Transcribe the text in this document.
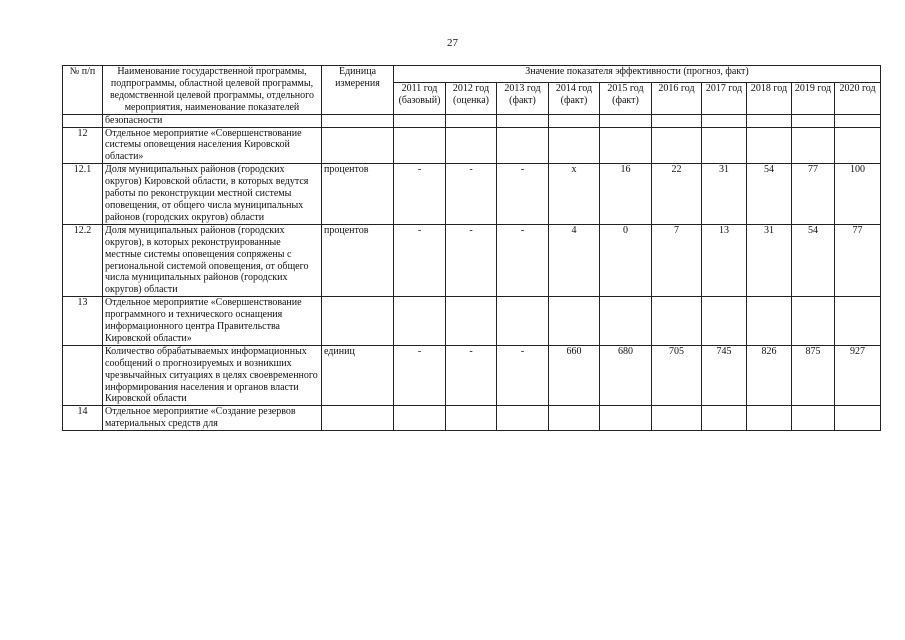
27
№ п/п	Наименование государственной программы, подпрограммы, областной целевой программы, ведомственной целевой программы, отдельного мероприятия, наименование показателей	Единица измерения	Значение показателя эффективности (прогноз, факт)									
			2011 год (базовый)	2012 год (оценка)	2013 год (факт)	2014 год (факт)	2015 год (факт)	2016 год	2017 год	2018 год	2019 год	2020 год
	безопасности											
12	Отдельное мероприятие «Совершенствование системы оповещения населения Кировской области»											
12.1	Доля муниципальных районов (городских округов) Кировской области, в которых ведутся работы по реконструкции местной системы оповещения, от общего числа муниципальных районов (городских округов) области	процентов	-	-	-	x	16	22	31	54	77	100
12.2	Доля муниципальных районов (городских округов), в которых реконструированные местные системы оповещения сопряжены с региональной системой оповещения, от общего числа муниципальных районов (городских округов) области	процентов	-	-	-	4	0	7	13	31	54	77
13	Отдельное мероприятие «Совершенствование программного и технического оснащения информационного центра Правительства Кировской области»											
	Количество обрабатываемых информационных сообщений о прогнозируемых и возникших чрезвычайных ситуациях в целях своевременного информирования населения и органов власти Кировской области	единиц	-	-	-	660	680	705	745	826	875	927
14	Отдельное мероприятие «Создание резервов материальных средств для											
